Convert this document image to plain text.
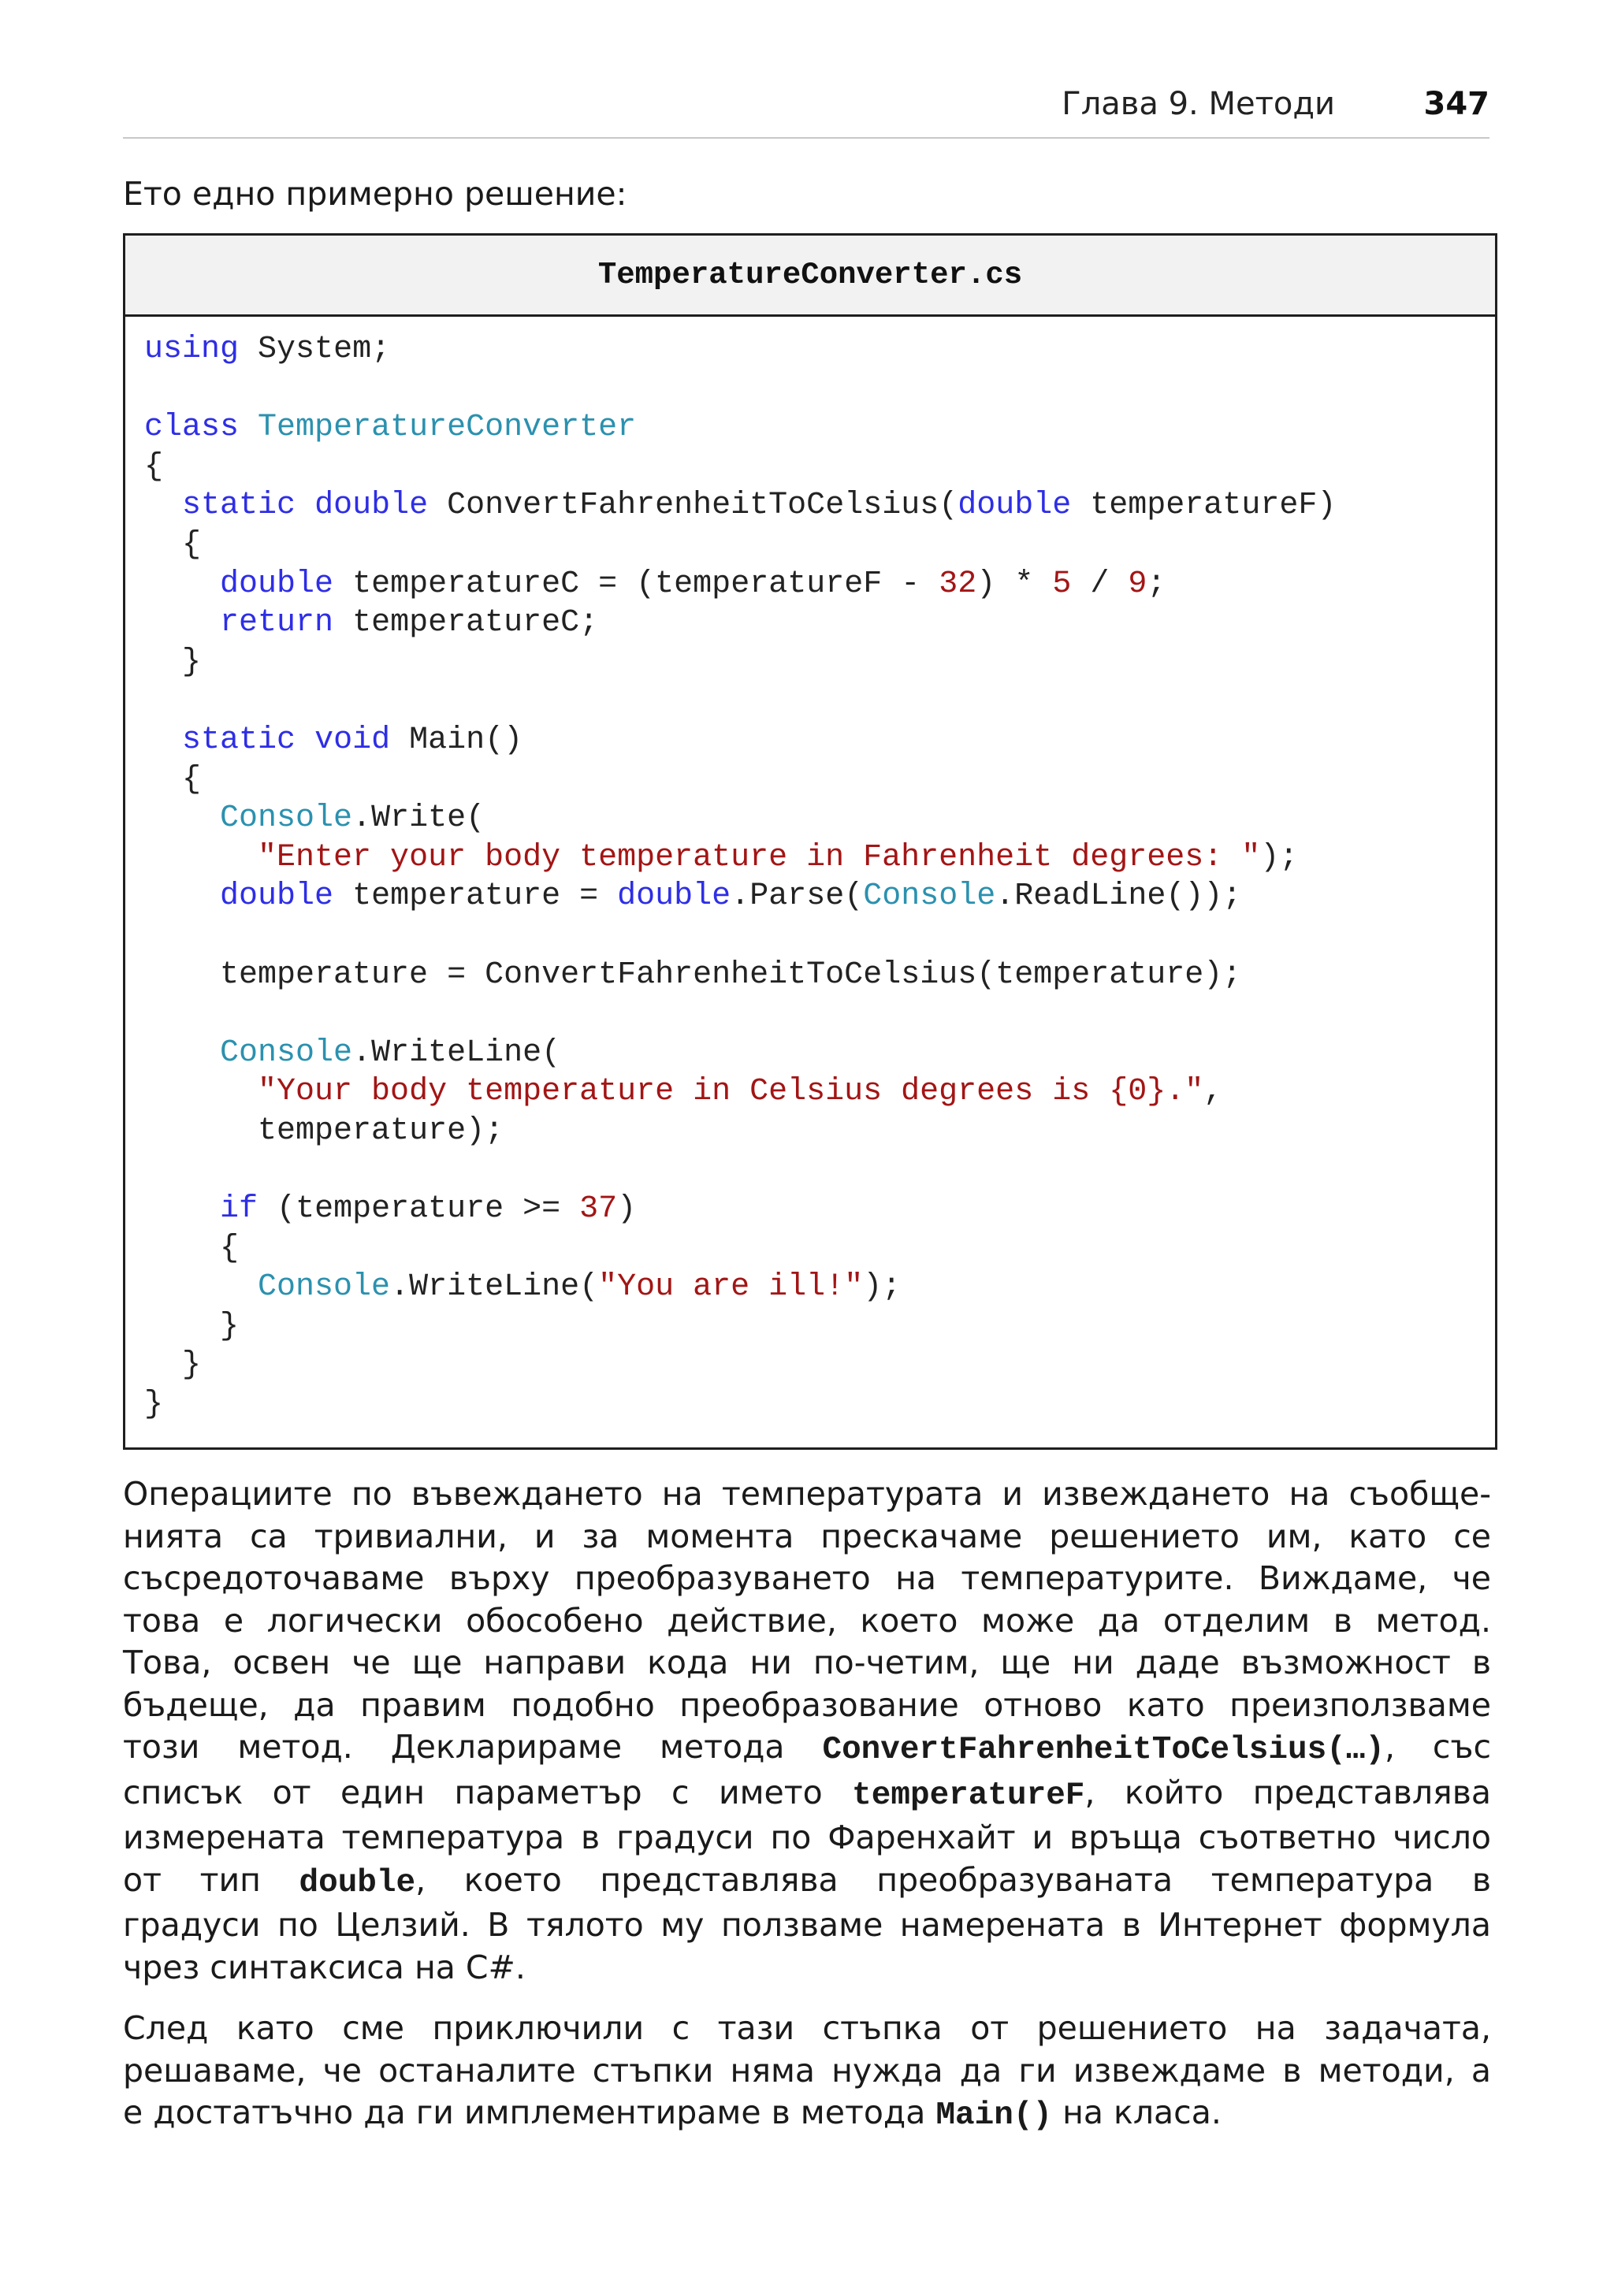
Глава 9. Методи	347
Ето едно примерно решение:
TemperatureConverter.cs
using System;

class TemperatureConverter
{
static double ConvertFahrenheitToCelsius(double temperatureF)
{
double temperatureC = (temperatureF - 32) * 5 / 9;
return temperatureC;
}

static void Main()
{
Console.Write(
"Enter your body temperature in Fahrenheit degrees: ");
double temperature = double.Parse(Console.ReadLine());

temperature = ConvertFahrenheitToCelsius(temperature);

Console.WriteLine(
"Your body temperature in Celsius degrees is {0}.",
temperature);

if (temperature >= 37)
{
Console.WriteLine("You are ill!");
}
}
}
Операциите по въвеждането на температурата и извеждането на съобще-
нията са тривиални, и за момента прескачаме решението им, като се
съсредоточаваме върху преобразуването на температурите. Виждаме, че
това е логически обособено действие, което може да отделим в метод.
Това, освен че ще направи кода ни по-четим, ще ни даде възможност в
бъдеще, да правим подобно преобразование отново като преизползваме
този метод. Декларираме метода ConvertFahrenheitToCelsius(…), със
списък от един параметър с името temperatureF, който представлява
измерената температура в градуси по Фаренхайт и връща съответно число
от тип double, което представлява преобразуваната температура в
градуси по Целзий. В тялото му ползваме намерената в Интернет формула
чрез синтаксиса на C#.
След като сме приключили с тази стъпка от решението на задачата,
решаваме, че останалите стъпки няма нужда да ги извеждаме в методи, а
е достатъчно да ги имплементираме в метода Main() на класа.
